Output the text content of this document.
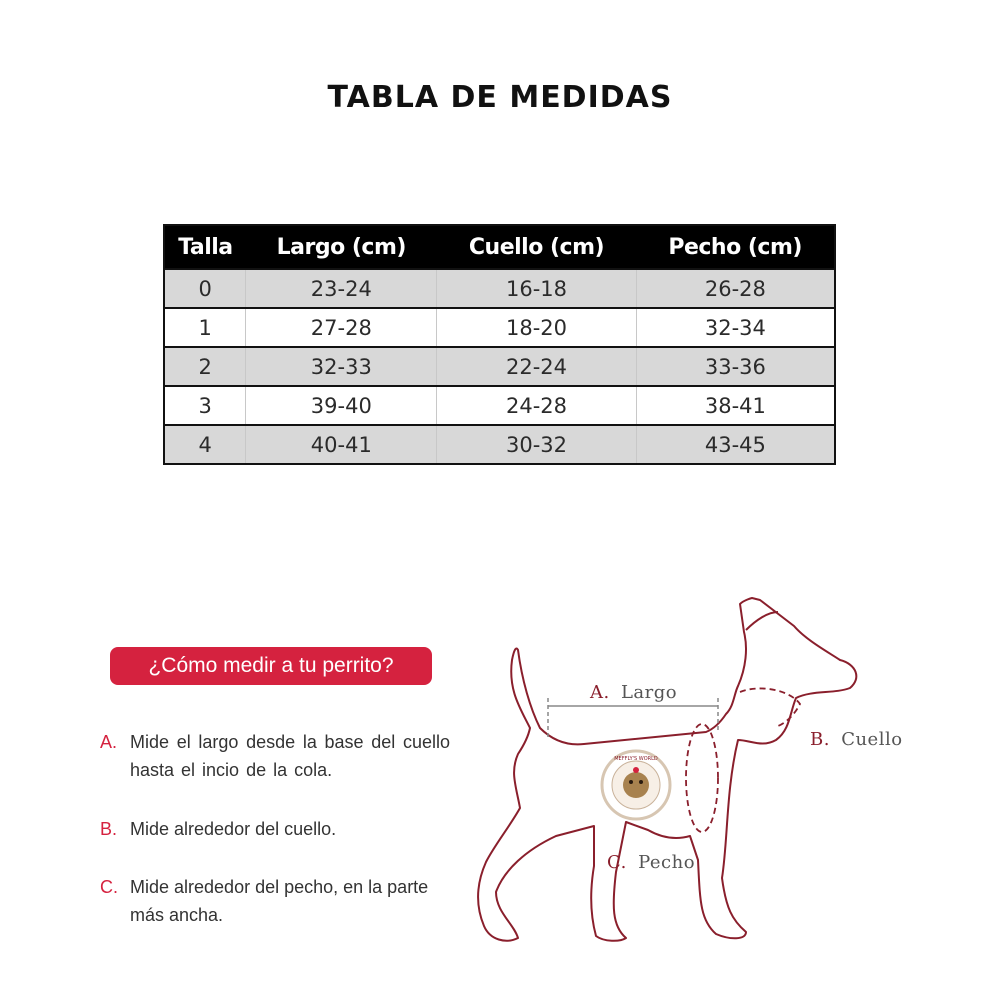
TABLA DE MEDIDAS
Talla	Largo (cm)	Cuello (cm)	Pecho (cm)
0	23-24	16-18	26-28
1	27-28	18-20	32-34
2	32-33	22-24	33-36
3	39-40	24-28	38-41
4	40-41	30-32	43-45
¿Cómo medir a tu perrito?
A. Mide el largo desde la base del cuello hasta el incio de la cola.
B. Mide alrededor del cuello.
C. Mide alrededor del pecho, en la parte más ancha.
MEFFLY'S WORLD
A. Largo
B. Cuello
C. Pecho
